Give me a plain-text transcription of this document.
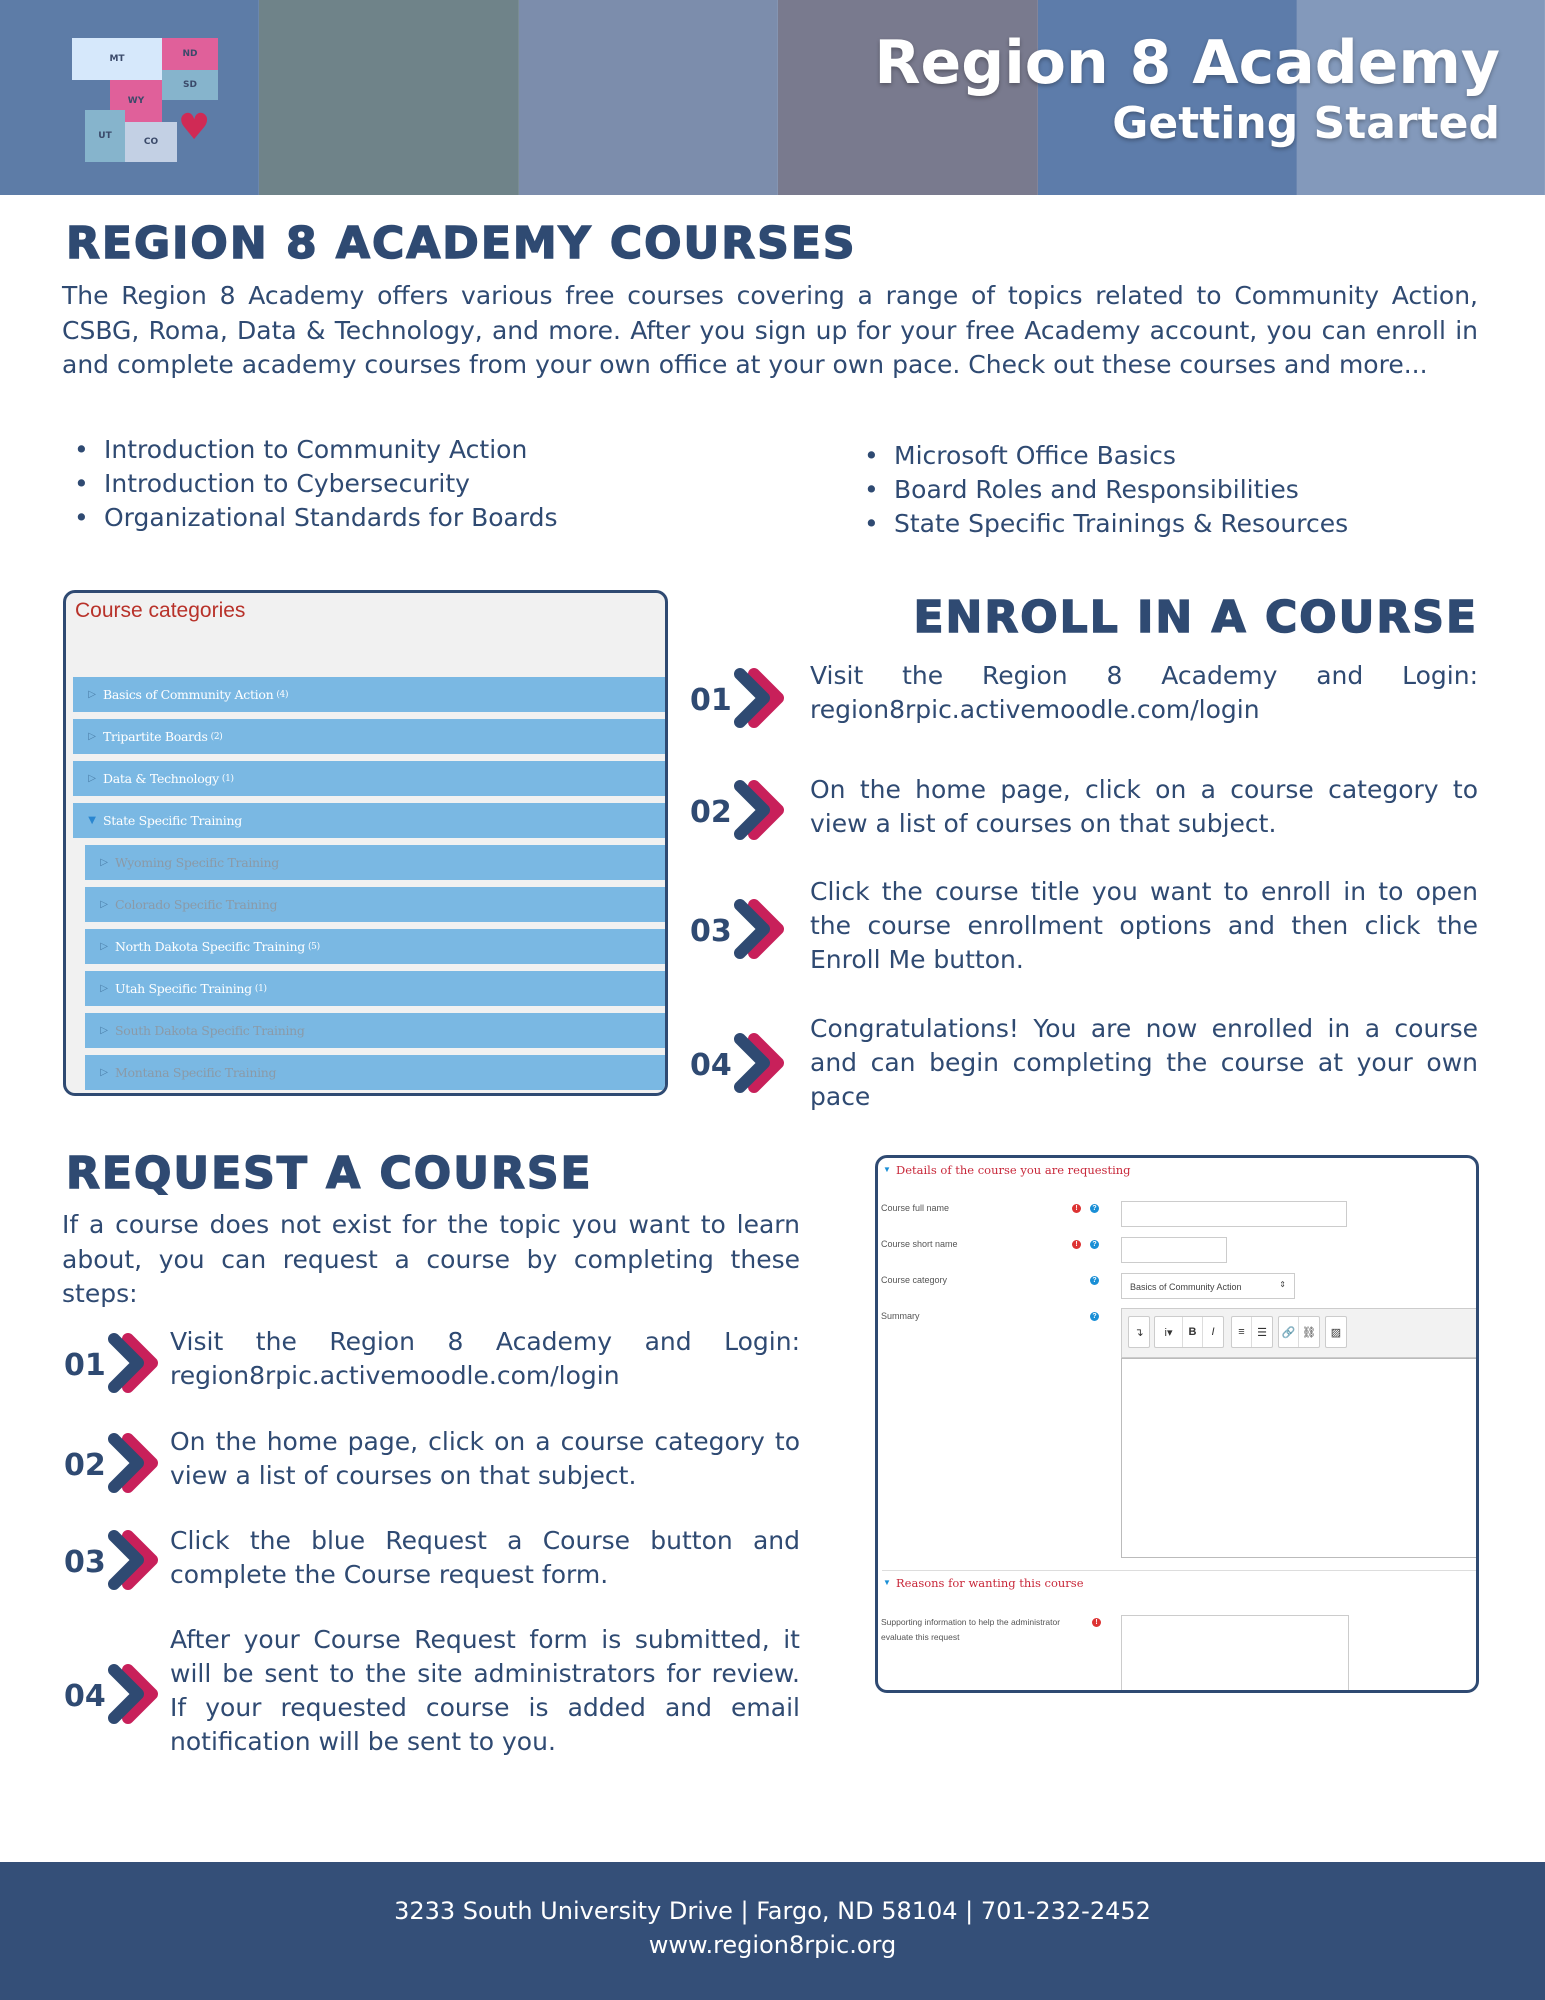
MT	ND
SD
WY
UT
CO ♥
Region 8 Academy
Getting Started
REGION 8 ACADEMY COURSES

The Region 8 Academy offers various free courses covering a range of topics related to Community Action, CSBG, Roma, Data & Technology, and more. After you sign up for your free Academy account, you can enroll in and complete academy courses from your own office at your own pace. Check out these courses and more...

• Introduction to Community Action
• Introduction to Cybersecurity
• Organizational Standards for Boards
• Microsoft Office Basics
• Board Roles and Responsibilities
• State Specific Trainings & Resources
Course categories
▷ Basics of Community Action (4)
▷ Tripartite Boards (2)
▷ Data & Technology (1)
▼ State Specific Training
▷ Wyoming Specific Training
▷ Colorado Specific Training
▷ North Dakota Specific Training (5)
▷ Utah Specific Training (1)
▷ South Dakota Specific Training
▷ Montana Specific Training
ENROLL IN A COURSE
01

Visit the Region 8 Academy and Login: region8rpic.activemoodle.com/login

02

On the home page, click on a course category to view a list of courses on that subject.

03

Click the course title you want to enroll in to open the course enrollment options and then click the Enroll Me button.

04

Congratulations! You are now enrolled in a course and can begin completing the course at your own pace

REQUEST A COURSE

If a course does not exist for the topic you want to learn about, you can request a course by completing these steps:

01

Visit the Region 8 Academy and Login: region8rpic.activemoodle.com/login

02

On the home page, click on a course category to view a list of courses on that subject.

03

Click the blue Request a Course button and complete the Course request form.

04

After your Course Request form is submitted, it will be sent to the site administrators for review. If your requested course is added and email notification will be sent to you.

▼ Details of the course you are requesting
Course full name	!	?
Course short name	!	?
Course category	?
Basics of Community Action	⇕
Summary	?
↴	i▾	B I	≡	☰	🔗 ⛓	▨
▼ Reasons for wanting this course
Supporting information to help the administrator evaluate this request
!
3233 South University Drive | Fargo, ND 58104 | 701-232-2452
www.region8rpic.org
